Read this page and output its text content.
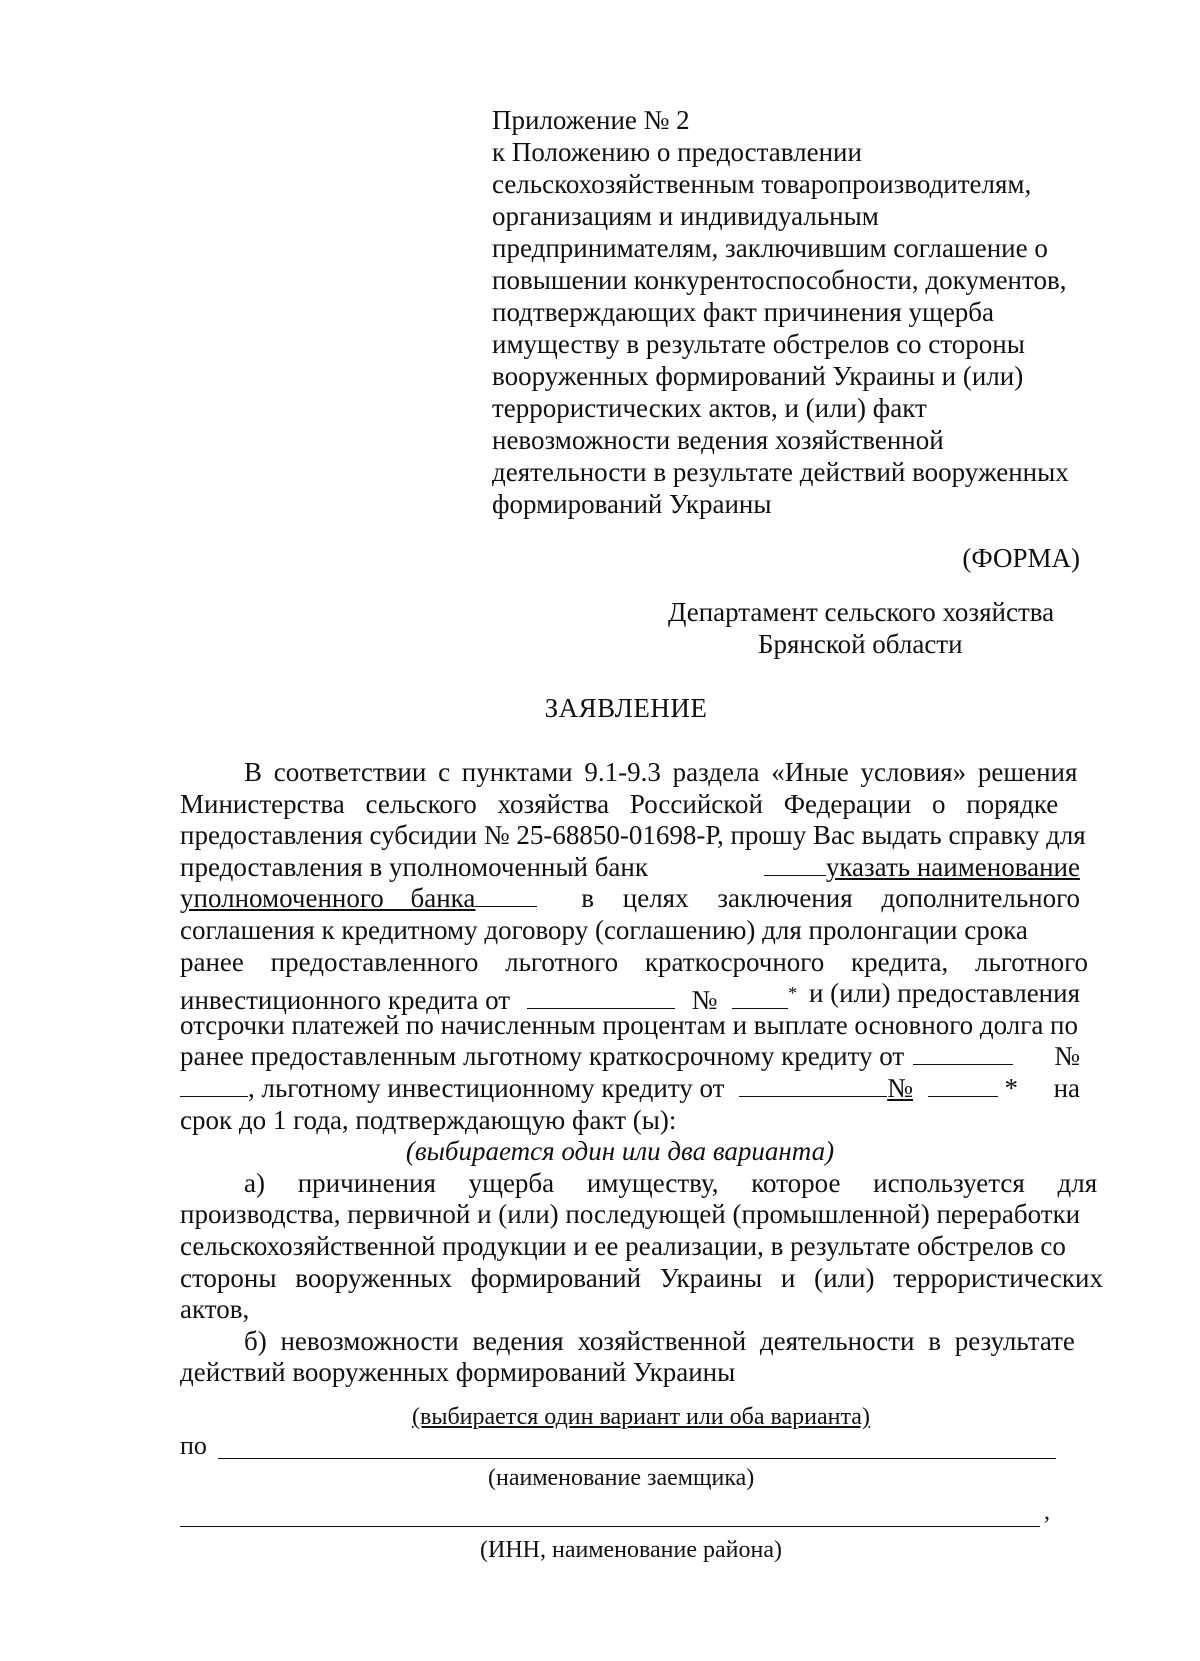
Приложение № 2
к Положению о предоставлении
сельскохозяйственным товаропроизводителям,
организациям и индивидуальным
предпринимателям, заключившим соглашение о
повышении конкурентоспособности, документов,
подтверждающих факт причинения ущерба
имуществу в результате обстрелов со стороны
вооруженных формирований Украины и (или)
террористических актов, и (или) факт
невозможности ведения хозяйственной
деятельности в результате действий вооруженных
формирований Украины
(ФОРМА)
Департамент сельского хозяйства
Брянской области
ЗАЯВЛЕНИЕ
В соответствии с пунктами 9.1-9.3 раздела «Иные условия» решения
Министерства сельского хозяйства Российской Федерации о порядке
предоставления субсидии № 25-68850-01698-Р, прошу Вас выдать справку для
предоставления в уполномоченный банк	указать наименование
уполномоченного банка	в целях заключения дополнительного
соглашения к кредитному договору (соглашению) для пролонгации срока
ранее предоставленного льготного краткосрочного кредита, льготного
инвестиционного кредита от	№	* и (или) предоставления
отсрочки платежей по начисленным процентам и выплате основного долга по
ранее предоставленным льготному краткосрочному кредиту от	№
, льготному инвестиционному кредиту от	№	* на
срок до 1 года, подтверждающую факт (ы):
(выбирается один или два варианта)
а) причинения ущерба имуществу, которое используется для
производства, первичной и (или) последующей (промышленной) переработки
сельскохозяйственной продукции и ее реализации, в результате обстрелов со
стороны вооруженных формирований Украины и (или) террористических
актов,
б) невозможности ведения хозяйственной деятельности в результате
действий вооруженных формирований Украины
(выбирается один вариант или оба варианта)
по
(наименование заемщика)
,
(ИНН, наименование района)
